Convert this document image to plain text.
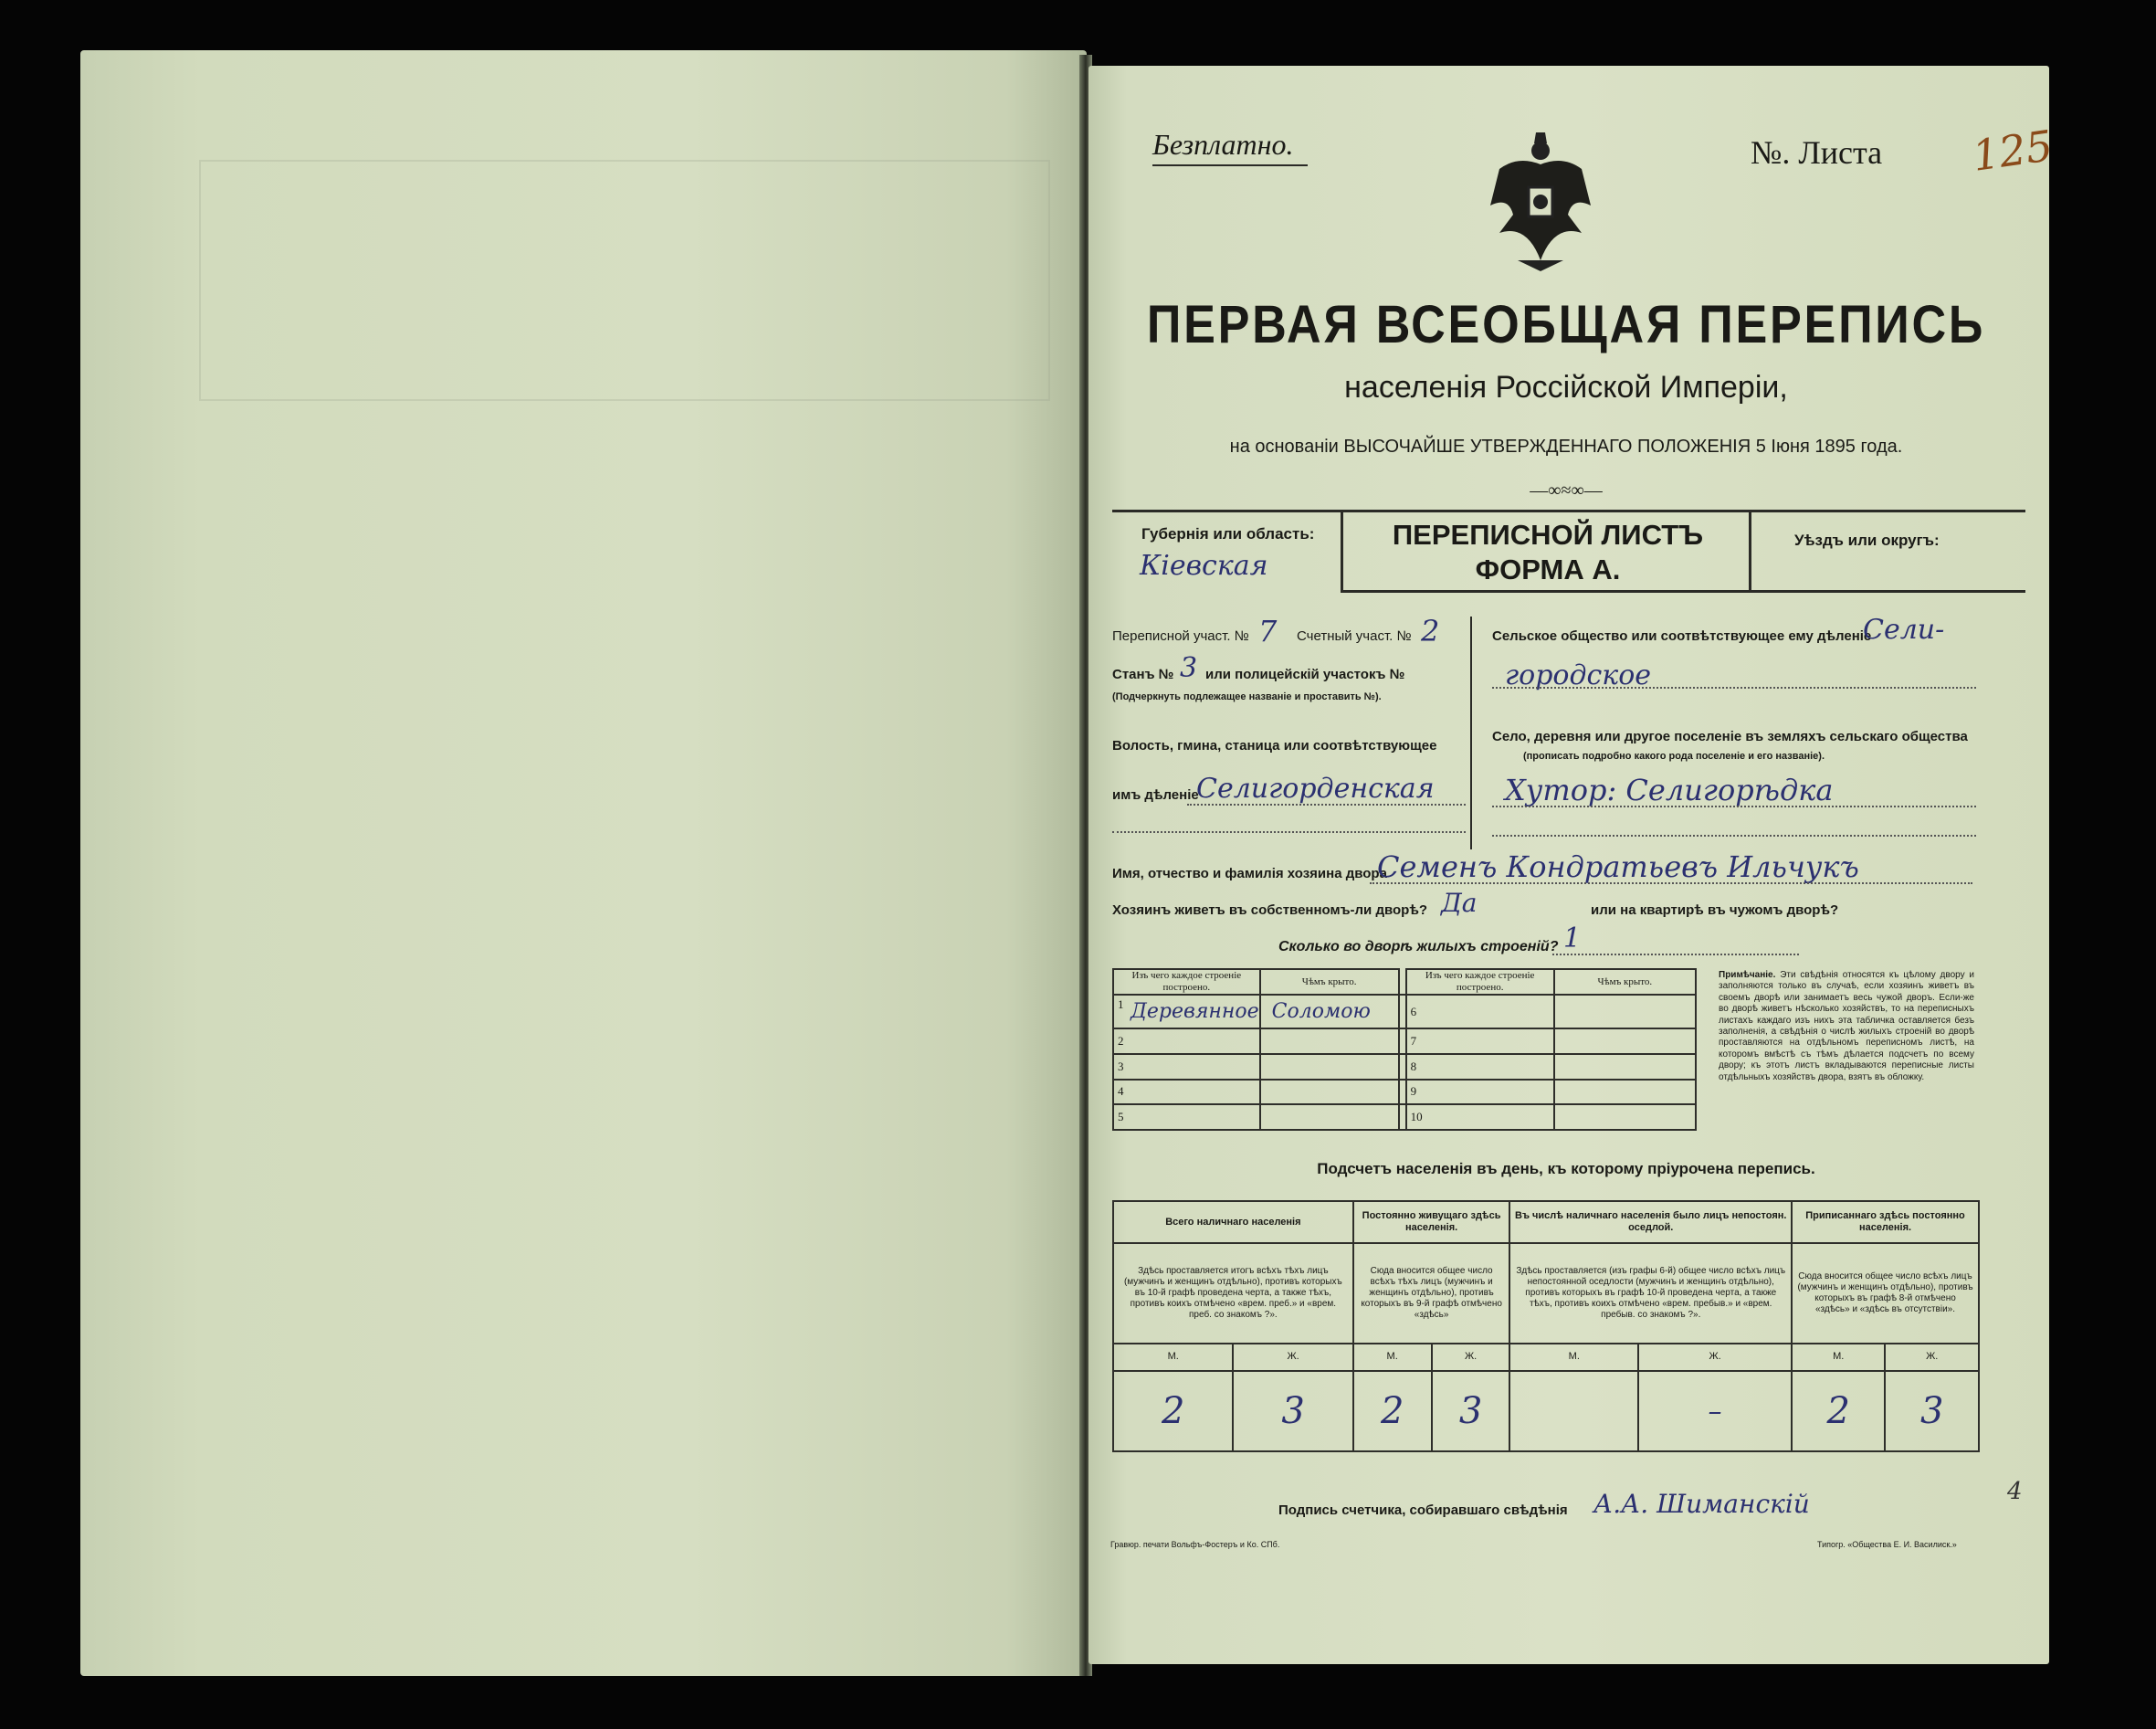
Безплатно.	№. Листа 125
ПЕРВАЯ ВСЕОБЩАЯ ПЕРЕПИСЬ
населенія Россійской Имперіи,
на основаніи ВЫСОЧАЙШЕ УТВЕРЖДЕННАГО ПОЛОЖЕНІЯ 5 Іюня 1895 года.
—∞≈∞—
Губернія или область:
Кіевская
ПЕРЕПИСНОЙ ЛИСТЪ
ФОРМА А.
Уѣздъ или округъ:
Переписной участ. № 7 Счетный участ. № 2
Станъ № 3 или полицейскій участокъ №
(Подчеркнуть подлежащее названіе и проставить №).
Волость, гмина, станица или соотвѣтствующее
имъ дѣленіе
Селигорденская
Сельское общество или соотвѣтствующее ему дѣленіе
Сели-
городское
Село, деревня или другое поселеніе въ земляхъ сельскаго общества
(прописать подробно какого рода поселеніе и его названіе).
Хутор: Селигорѣдка
Имя, отчество и фамилія хозяина двора
Семенъ Кондратьевъ Ильчукъ
Хозяинъ живетъ въ собственномъ-ли дворѣ? Да	или на квартирѣ въ чужомъ дворѣ?
Сколько во дворѣ жилыхъ строеній? 1
Изъ чего каждое строеніе построено.	Чѣмъ крыто.		Изъ чего каждое строеніе построено.	Чѣмъ крыто.

1 Деревянное	Соломою		6	
2			7	
3			8	
4			9	
5			10	
Примѣчаніе. Эти свѣдѣнія относятся къ цѣлому двору и заполняются только въ случаѣ, если хозяинъ живетъ въ своемъ дворѣ или занимаетъ весь чужой дворъ. Если-же во дворѣ живетъ нѣсколько хозяйствъ, то на переписныхъ листахъ каждаго изъ нихъ эта табличка оставляется безъ заполненія, а свѣдѣнія о числѣ жилыхъ строеній во дворѣ проставляются на отдѣльномъ переписномъ листѣ, на которомъ вмѣстѣ съ тѣмъ дѣлается подсчетъ по всему двору; къ этотъ листъ вкладываются переписные листы отдѣльныхъ хозяйствъ двора, взятъ въ обложку.
Подсчетъ населенія въ день, къ которому пріурочена перепись.
Всего наличнаго населенія		Постоянно живущаго здѣсь населенія.		Въ числѣ наличнаго населенія было лицъ непостоян. оседлой.		Приписаннаго здѣсь постоянно населенія.	
Здѣсь проставляется итогъ всѣхъ тѣхъ лицъ (мужчинъ и женщинъ отдѣльно), противъ которыхъ въ 10-й графѣ проведена черта, а также тѣхъ, противъ коихъ отмѣчено «врем. преб.» и «врем. преб. со знакомъ ?».		Сюда вносится общее число всѣхъ тѣхъ лицъ (мужчинъ и женщинъ отдѣльно), противъ которыхъ въ 9-й графѣ отмѣчено «здѣсь»		Здѣсь проставляется (изъ графы 6-й) общее число всѣхъ лицъ непостоянной оседлости (мужчинъ и женщинъ отдѣльно), противъ которыхъ въ графѣ 10-й проведена черта, а также тѣхъ, противъ коихъ отмѣчено «врем. пребыв.» и «врем. пребыв. со знакомъ ?».		Сюда вносится общее число всѣхъ лицъ (мужчинъ и женщинъ отдѣльно), противъ которыхъ въ графѣ 8-й отмѣчено «здѣсь» и «здѣсь въ отсутствіи».	
М.	Ж.	М.	Ж.	М.	Ж.	М.	Ж.
2	3	2	3		–	2	3
Подпись счетчика, собиравшаго свѣдѣнія А.А. Шиманскій
Гравюр. печати Вольфъ-Фостеръ и Ко. СПб.	Типогр. «Общества Е. И. Василиск.»
4
